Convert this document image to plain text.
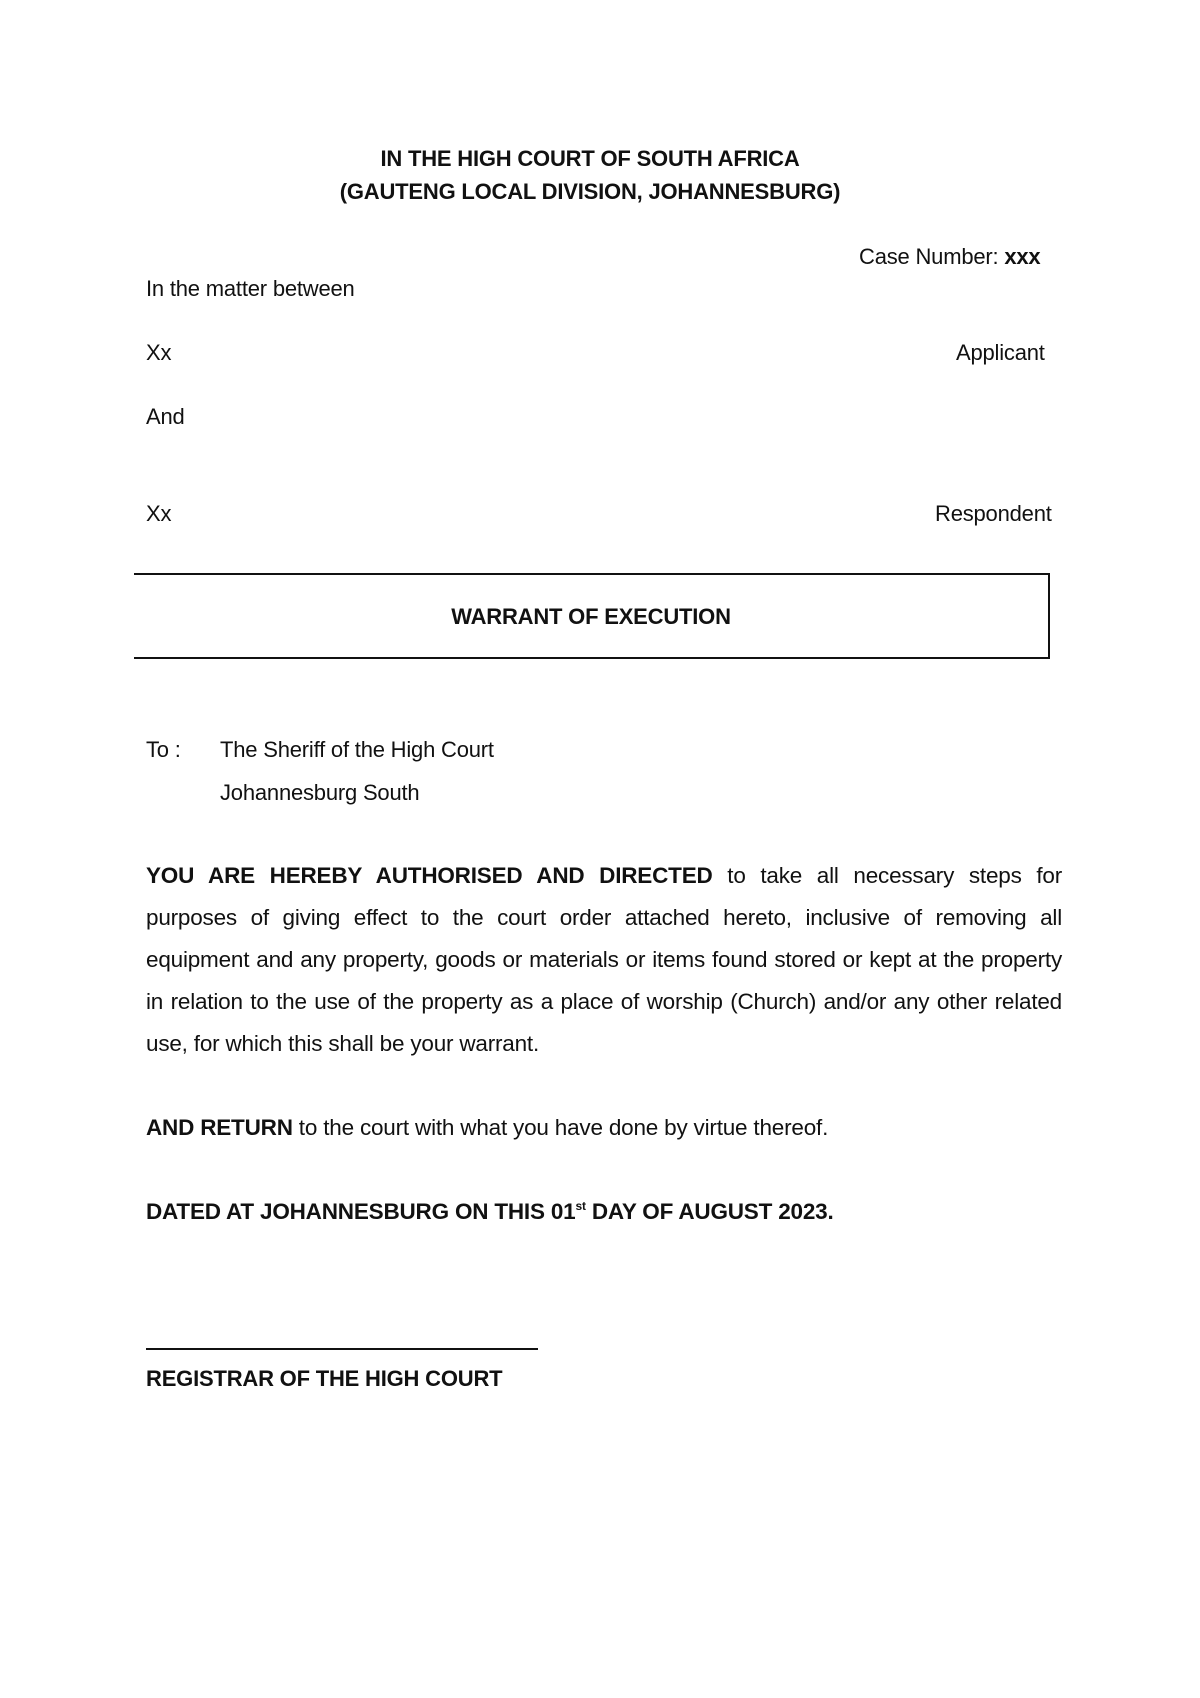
IN THE HIGH COURT OF SOUTH AFRICA
(GAUTENG LOCAL DIVISION, JOHANNESBURG)
Case Number: xxx
In the matter between
Xx	Applicant
And
Xx	Respondent
WARRANT OF EXECUTION
To : The Sheriff of the High Court
Johannesburg South
YOU ARE HEREBY AUTHORISED AND DIRECTED to take all necessary steps for purposes of giving effect to the court order attached hereto, inclusive of removing all equipment and any property, goods or materials or items found stored or kept at the property in relation to the use of the property as a place of worship (Church) and/or any other related use, for which this shall be your warrant.
AND RETURN to the court with what you have done by virtue thereof.
DATED AT JOHANNESBURG ON THIS 01st DAY OF AUGUST 2023.
REGISTRAR OF THE HIGH COURT
